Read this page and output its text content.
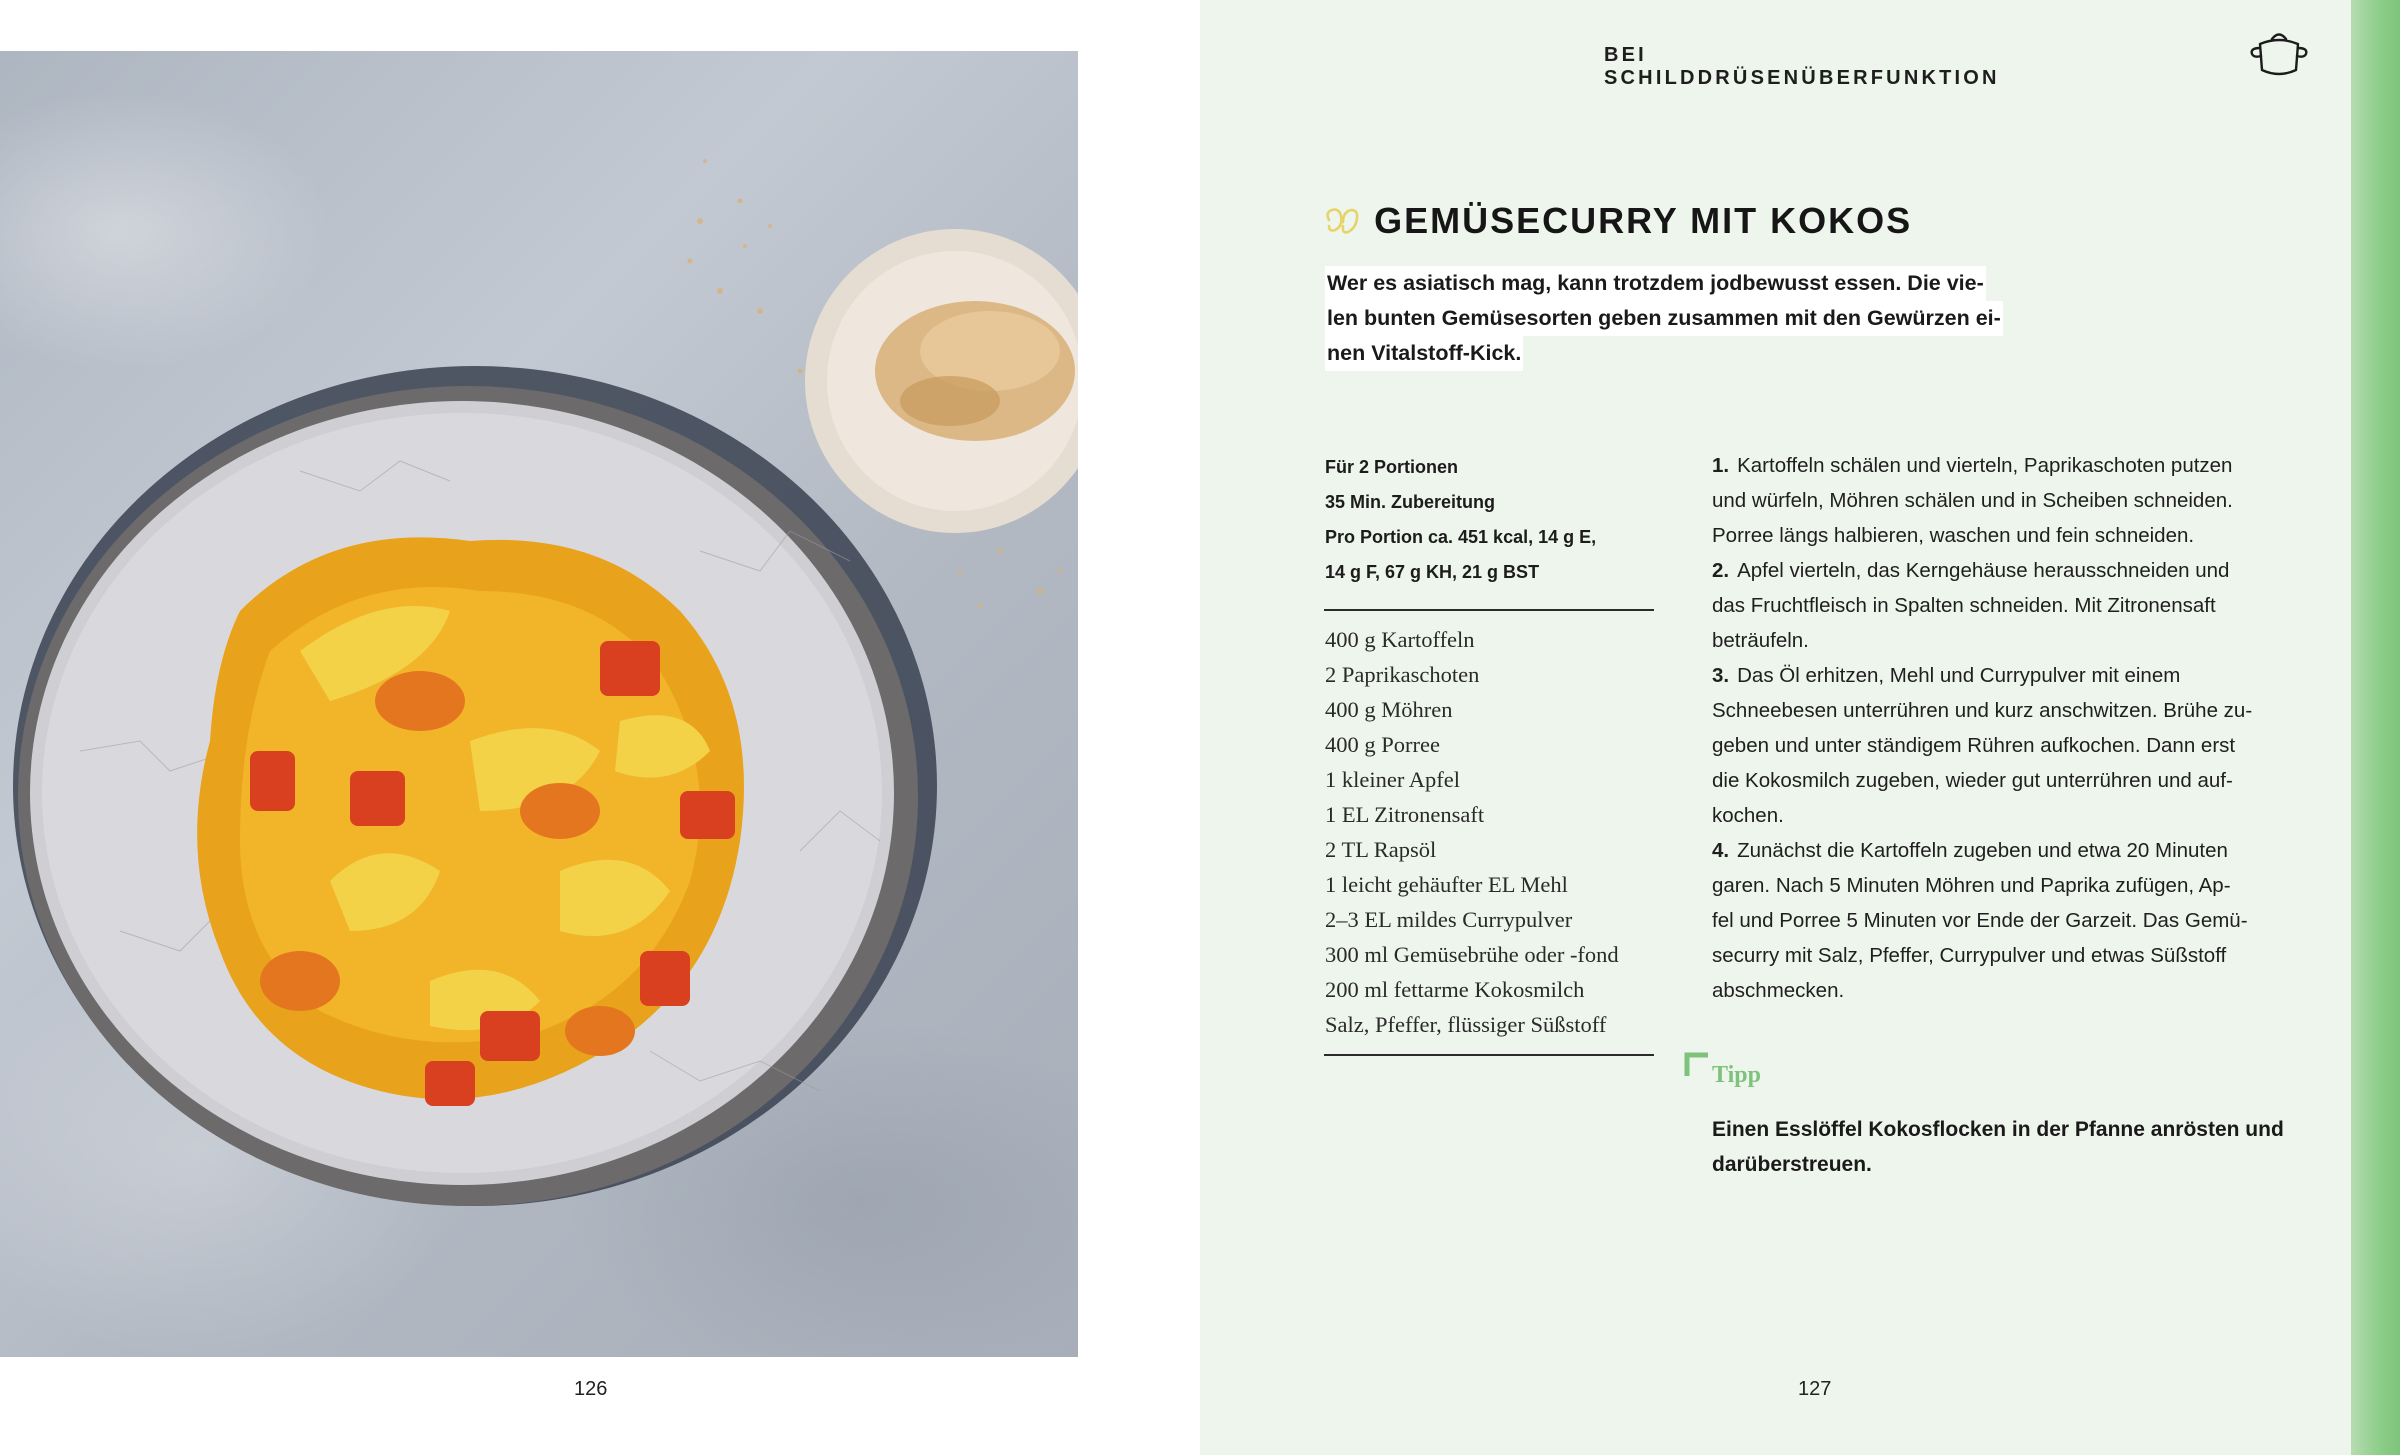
126
BEI SCHILDDRÜSENÜBERFUNKTION
GEMÜSECURRY MIT KOKOS
Wer es asiatisch mag, kann trotzdem jodbewusst essen. Die vie-
len bunten Gemüsesorten geben zusammen mit den Gewürzen ei-
nen Vitalstoff-Kick.
Für 2 Portionen
35 Min. Zubereitung
Pro Portion ca. 451 kcal, 14 g E,
14 g F, 67 g KH, 21 g BST
400 g Kartoffeln
2 Paprikaschoten
400 g Möhren
400 g Porree
1 kleiner Apfel
1 EL Zitronensaft
2 TL Rapsöl
1 leicht gehäufter EL Mehl
2–3 EL mildes Currypulver
300 ml Gemüsebrühe oder -fond
200 ml fettarme Kokosmilch
Salz, Pfeffer, flüssiger Süßstoff
1. Kartoffeln schälen und vierteln, Paprikaschoten putzen
und würfeln, Möhren schälen und in Scheiben schneiden.
Porree längs halbieren, waschen und fein schneiden.
2. Apfel vierteln, das Kerngehäuse herausschneiden und
das Fruchtfleisch in Spalten schneiden. Mit Zitronensaft
beträufeln.
3. Das Öl erhitzen, Mehl und Currypulver mit einem
Schneebesen unterrühren und kurz anschwitzen. Brühe zu-
geben und unter ständigem Rühren aufkochen. Dann erst
die Kokosmilch zugeben, wieder gut unterrühren und auf-
kochen.
4. Zunächst die Kartoffeln zugeben und etwa 20 Minuten
garen. Nach 5 Minuten Möhren und Paprika zufügen, Ap-
fel und Porree 5 Minuten vor Ende der Garzeit. Das Gemü-
securry mit Salz, Pfeffer, Currypulver und etwas Süßstoff
abschmecken.
Tipp
Einen Esslöffel Kokosflocken in der Pfanne anrösten und
darüberstreuen.
127
